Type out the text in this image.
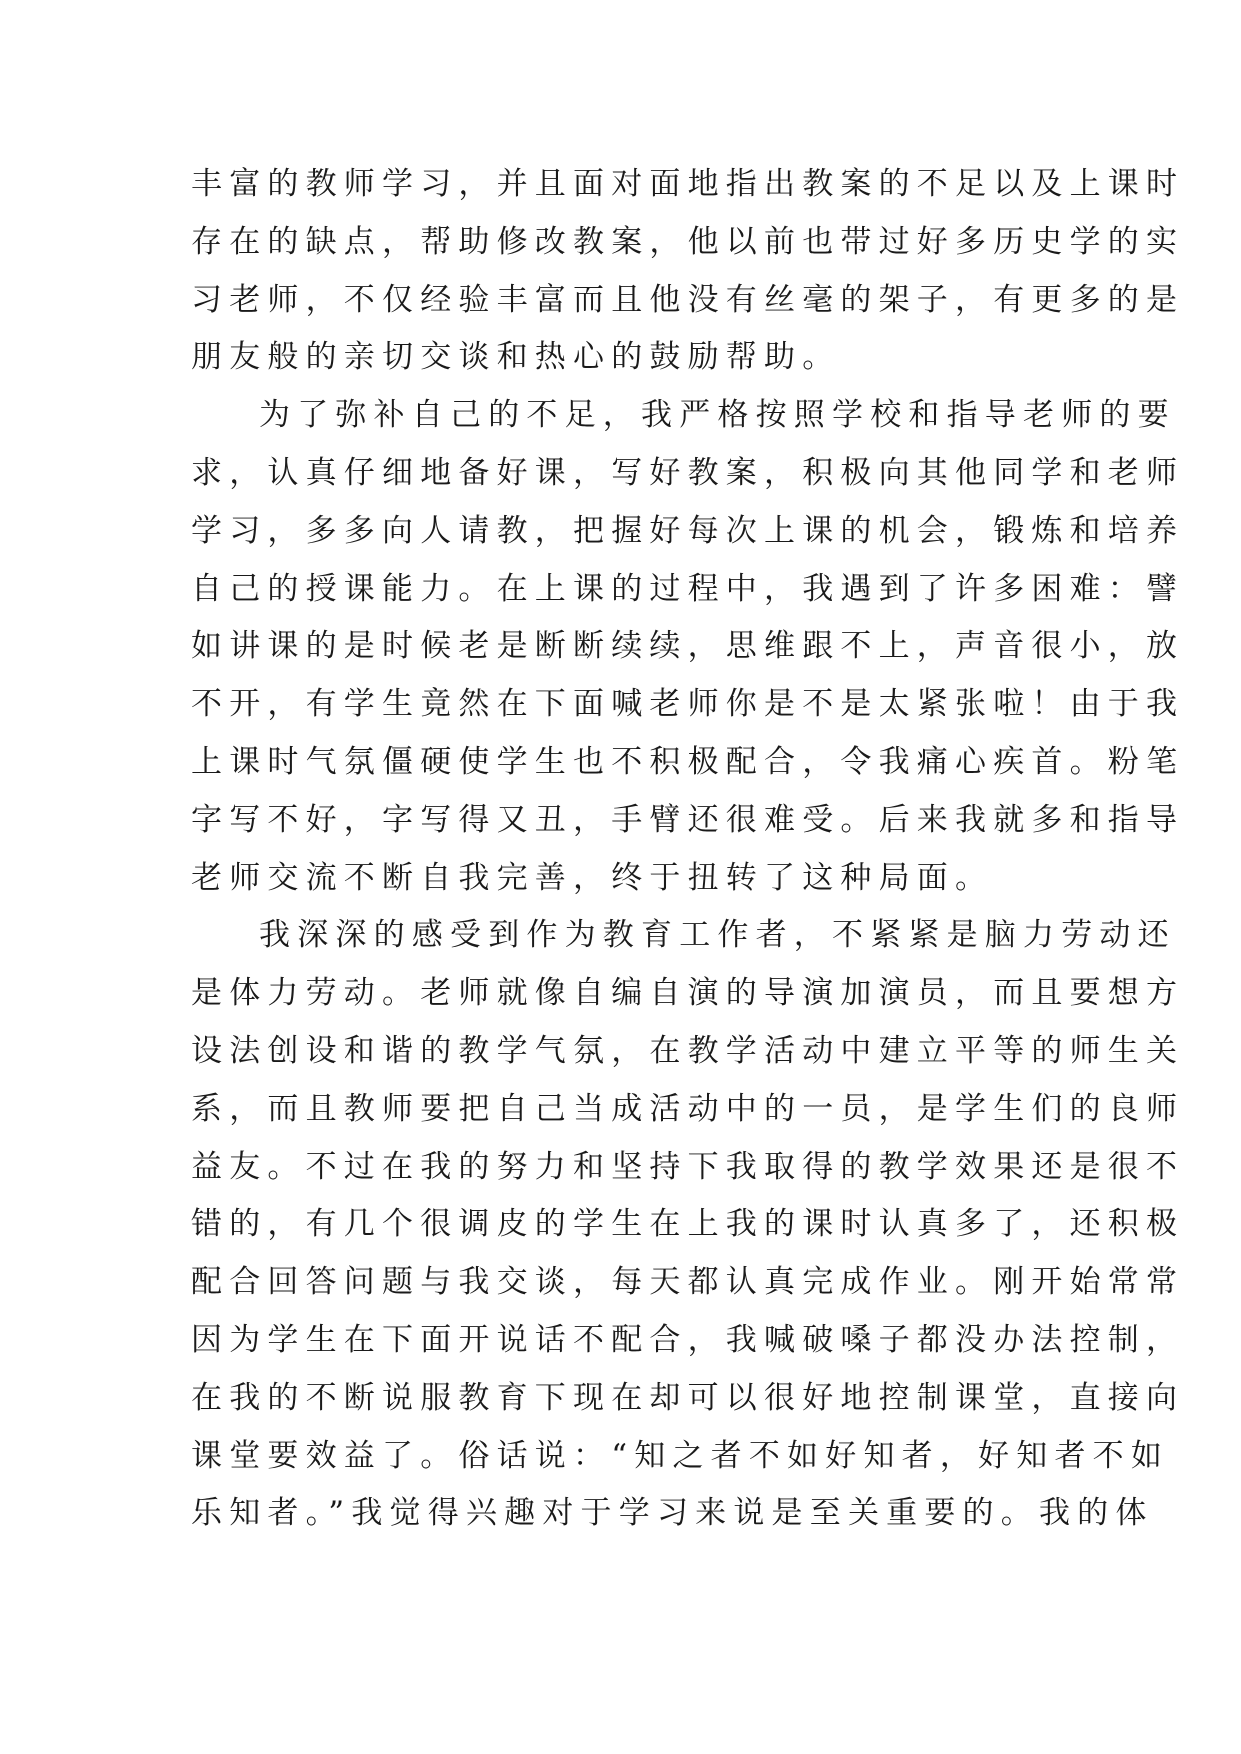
丰富的教师学习，并且面对面地指出教案的不足以及上课时
存在的缺点，帮助修改教案，他以前也带过好多历史学的实
习老师，不仅经验丰富而且他没有丝毫的架子，有更多的是
朋友般的亲切交谈和热心的鼓励帮助。
为了弥补自己的不足，我严格按照学校和指导老师的要
求，认真仔细地备好课，写好教案，积极向其他同学和老师
学习，多多向人请教，把握好每次上课的机会，锻炼和培养
自己的授课能力。在上课的过程中，我遇到了许多困难：譬
如讲课的是时候老是断断续续，思维跟不上，声音很小，放
不开，有学生竟然在下面喊老师你是不是太紧张啦！由于我
上课时气氛僵硬使学生也不积极配合，令我痛心疾首。粉笔
字写不好，字写得又丑，手臂还很难受。后来我就多和指导
老师交流不断自我完善，终于扭转了这种局面。
我深深的感受到作为教育工作者，不紧紧是脑力劳动还
是体力劳动。老师就像自编自演的导演加演员，而且要想方
设法创设和谐的教学气氛，在教学活动中建立平等的师生关
系，而且教师要把自己当成活动中的一员，是学生们的良师
益友。不过在我的努力和坚持下我取得的教学效果还是很不
错的，有几个很调皮的学生在上我的课时认真多了，还积极
配合回答问题与我交谈，每天都认真完成作业。刚开始常常
因为学生在下面开说话不配合，我喊破嗓子都没办法控制，
在我的不断说服教育下现在却可以很好地控制课堂，直接向
课堂要效益了。俗话说：“知之者不如好知者，好知者不如
乐知者。”我觉得兴趣对于学习来说是至关重要的。我的体
